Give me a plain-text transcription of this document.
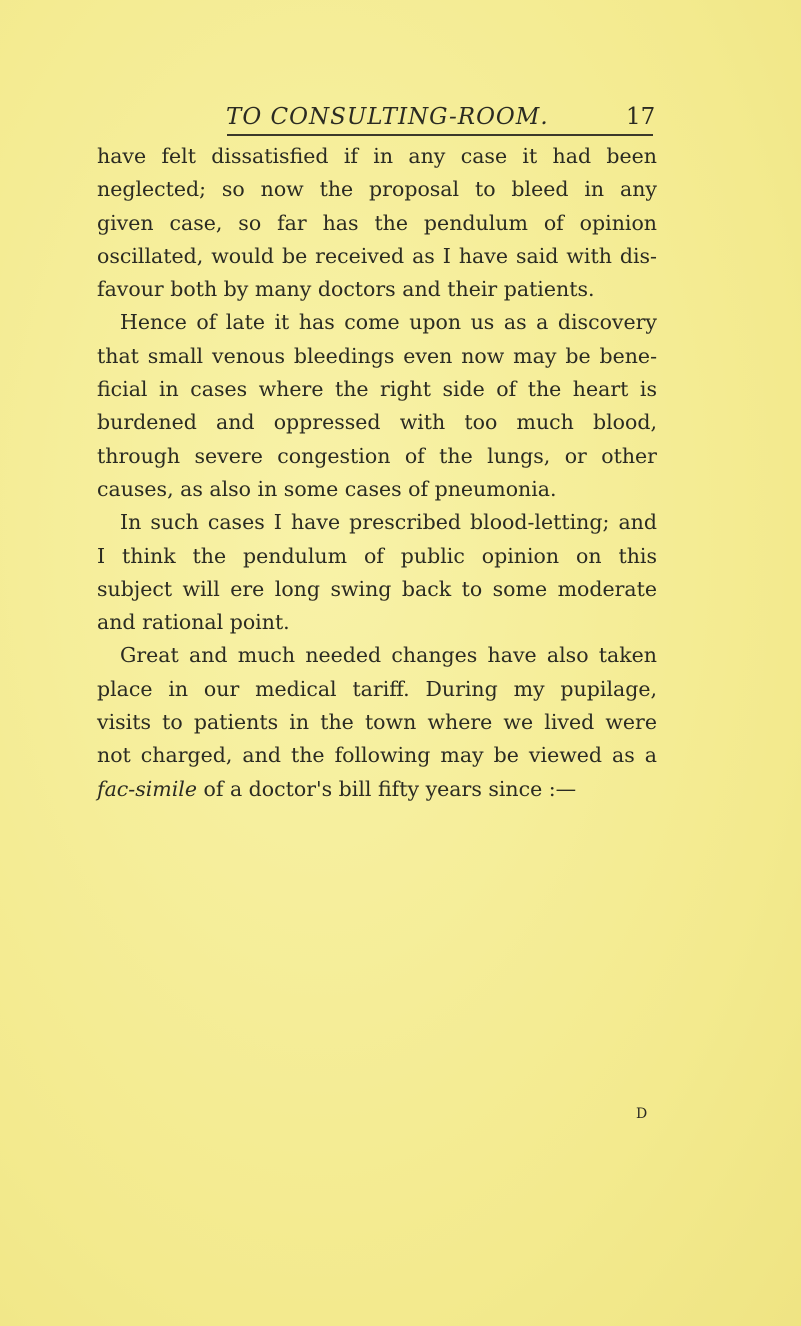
TO CONSULTING-ROOM.	17
have felt dissatisfied if in any case it had been
neglected; so now the proposal to bleed in any
given case, so far has the pendulum of opinion
oscillated, would be received as I have said with dis-
favour both by many doctors and their patients.
Hence of late it has come upon us as a discovery
that small venous bleedings even now may be bene-
ficial in cases where the right side of the heart is
burdened and oppressed with too much blood,
through severe congestion of the lungs, or other
causes, as also in some cases of pneumonia.
In such cases I have prescribed blood-letting; and
I think the pendulum of public opinion on this
subject will ere long swing back to some moderate
and rational point.
Great and much needed changes have also taken
place in our medical tariff. During my pupilage,
visits to patients in the town where we lived were
not charged, and the following may be viewed as a
fac-simile of a doctor's bill fifty years since :—
D
